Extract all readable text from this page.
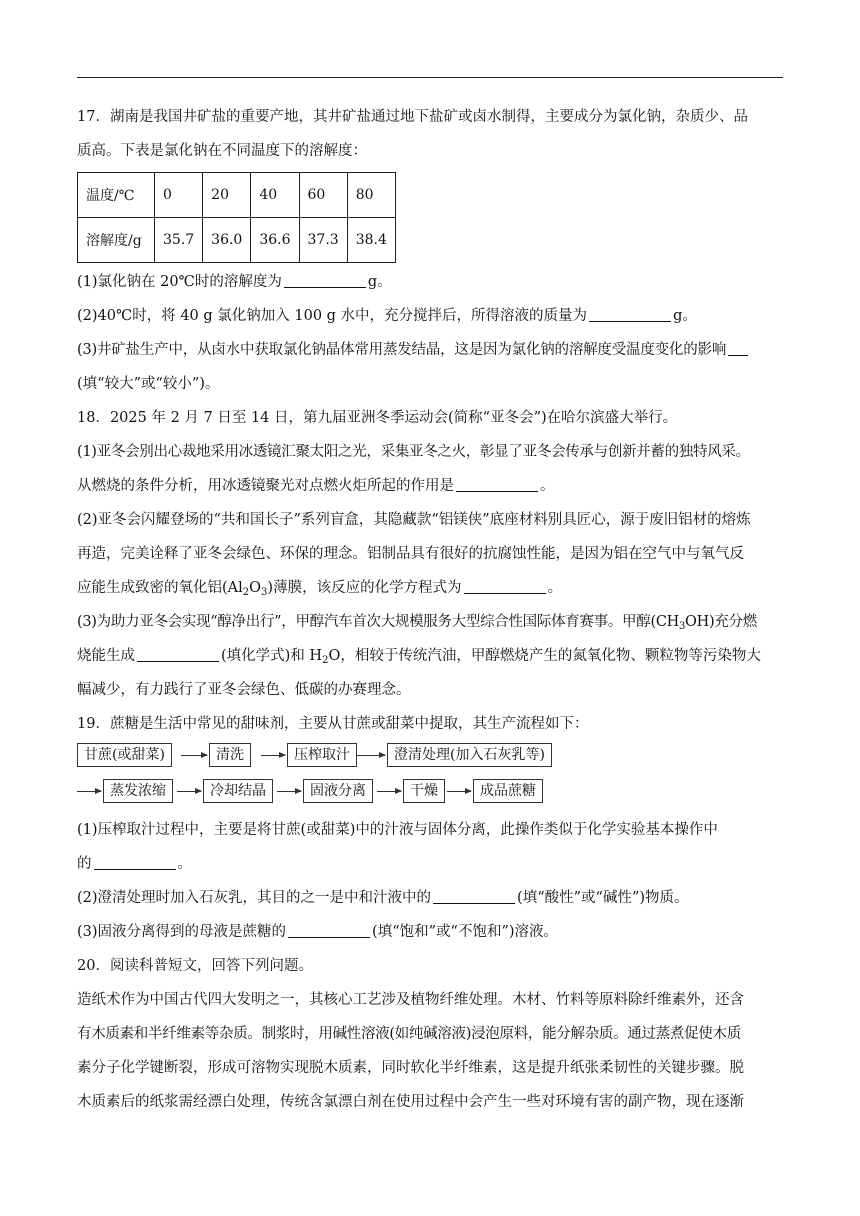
17．湖南是我国井矿盐的重要产地，其井矿盐通过地下盐矿或卤水制得，主要成分为氯化钠，杂质少、品

质高。下表是氯化钠在不同温度下的溶解度：

温度/℃	0	20	40	60	80
溶解度/g	35.7	36.0	36.6	37.3	38.4

(1)氯化钠在 20℃时的溶解度为	g。

(2)40℃时，将 40 g 氯化钠加入 100 g 水中，充分搅拌后，所得溶液的质量为	g。

(3)井矿盐生产中，从卤水中获取氯化钠晶体常用蒸发结晶，这是因为氯化钠的溶解度受温度变化的影响

(填“较大”或“较小”)。

18．2025 年 2 月 7 日至 14 日，第九届亚洲冬季运动会(简称“亚冬会”)在哈尔滨盛大举行。

(1)亚冬会别出心裁地采用冰透镜汇聚太阳之光，采集亚冬之火，彰显了亚冬会传承与创新并蓄的独特风采。

从燃烧的条件分析，用冰透镜聚光对点燃火炬所起的作用是	。

(2)亚冬会闪耀登场的“共和国长子”系列盲盒，其隐藏款“铝镁侠”底座材料别具匠心，源于废旧铝材的熔炼

再造，完美诠释了亚冬会绿色、环保的理念。铝制品具有很好的抗腐蚀性能，是因为铝在空气中与氧气反

应能生成致密的氧化铝$(Al_2O_3)$薄膜，该反应的化学方程式为	。

(3)为助力亚冬会实现“醇净出行”，甲醇汽车首次大规模服务大型综合性国际体育赛事。甲醇$(CH_3OH)$充分燃

烧能生成	(填化学式)和 $H_2O$，相较于传统汽油，甲醇燃烧产生的氮氧化物、颗粒物等污染物大

幅减少，有力践行了亚冬会绿色、低碳的办赛理念。

19．蔗糖是生活中常见的甜味剂，主要从甘蔗或甜菜中提取，其生产流程如下：

甘蔗(或甜菜)	清洗	压榨取汁	澄清处理(加入石灰乳等)
蒸发浓缩	冷却结晶	固液分离	干燥	成品蔗糖

(1)压榨取汁过程中，主要是将甘蔗(或甜菜)中的汁液与固体分离，此操作类似于化学实验基本操作中

的	。

(2)澄清处理时加入石灰乳，其目的之一是中和汁液中的	(填“酸性”或“碱性”)物质。

(3)固液分离得到的母液是蔗糖的	(填“饱和”或“不饱和”)溶液。

20．阅读科普短文，回答下列问题。

造纸术作为中国古代四大发明之一，其核心工艺涉及植物纤维处理。木材、竹料等原料除纤维素外，还含

有木质素和半纤维素等杂质。制浆时，用碱性溶液(如纯碱溶液)浸泡原料，能分解杂质。通过蒸煮促使木质

素分子化学键断裂，形成可溶物实现脱木质素，同时软化半纤维素，这是提升纸张柔韧性的关键步骤。脱

木质素后的纸浆需经漂白处理，传统含氯漂白剂在使用过程中会产生一些对环境有害的副产物，现在逐渐
